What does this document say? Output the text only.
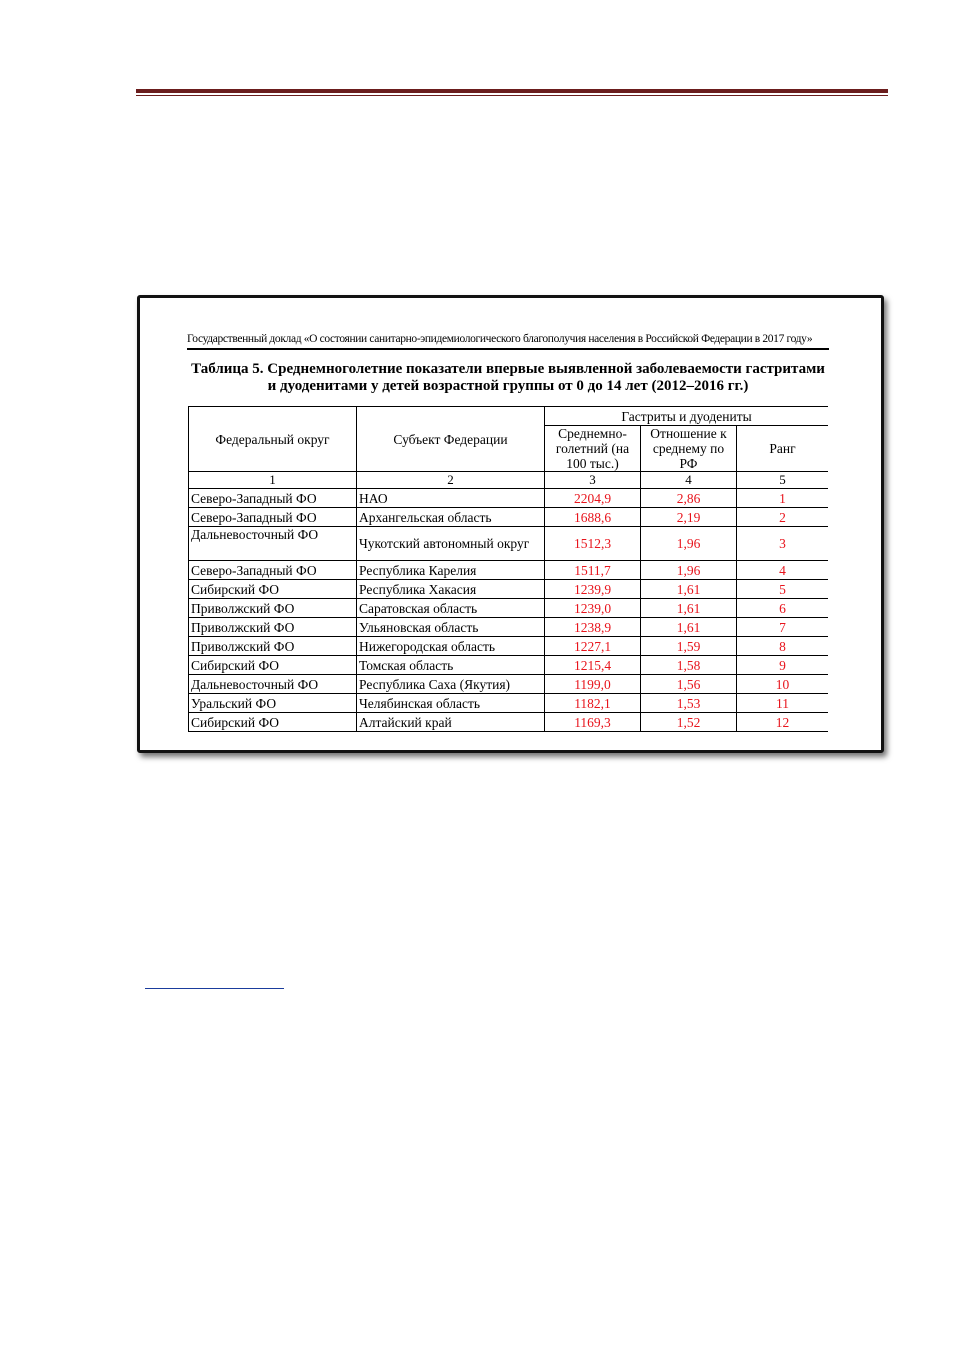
Государственный доклад «О состоянии санитарно-эпидемиологического благополучия населения в Российской Федерации в 2017 году»
Таблица 5. Среднемноголетние показатели впервые выявленной заболеваемости гастритами и дуоденитами у детей возрастной группы от 0 до 14 лет (2012–2016 гг.)
Федеральный округ	Субъект Федерации	Гастриты и дуодениты		
		Среднемно-голетний (на 100 тыс.)	Отношение к среднему по РФ	Ранг
1	2	3	4	5
Северо-Западный ФО	НАО	2204,9	2,86	1
Северо-Западный ФО	Архангельская область	1688,6	2,19	2
Дальневосточный ФО	Чукотский автономный округ	1512,3	1,96	3
Северо-Западный ФО	Республика Карелия	1511,7	1,96	4
Сибирский ФО	Республика Хакасия	1239,9	1,61	5
Приволжский ФО	Саратовская область	1239,0	1,61	6
Приволжский ФО	Ульяновская область	1238,9	1,61	7
Приволжский ФО	Нижегородская область	1227,1	1,59	8
Сибирский ФО	Томская область	1215,4	1,58	9
Дальневосточный ФО	Республика Саха (Якутия)	1199,0	1,56	10
Уральский ФО	Челябинская область	1182,1	1,53	11
Сибирский ФО	Алтайский край	1169,3	1,52	12
